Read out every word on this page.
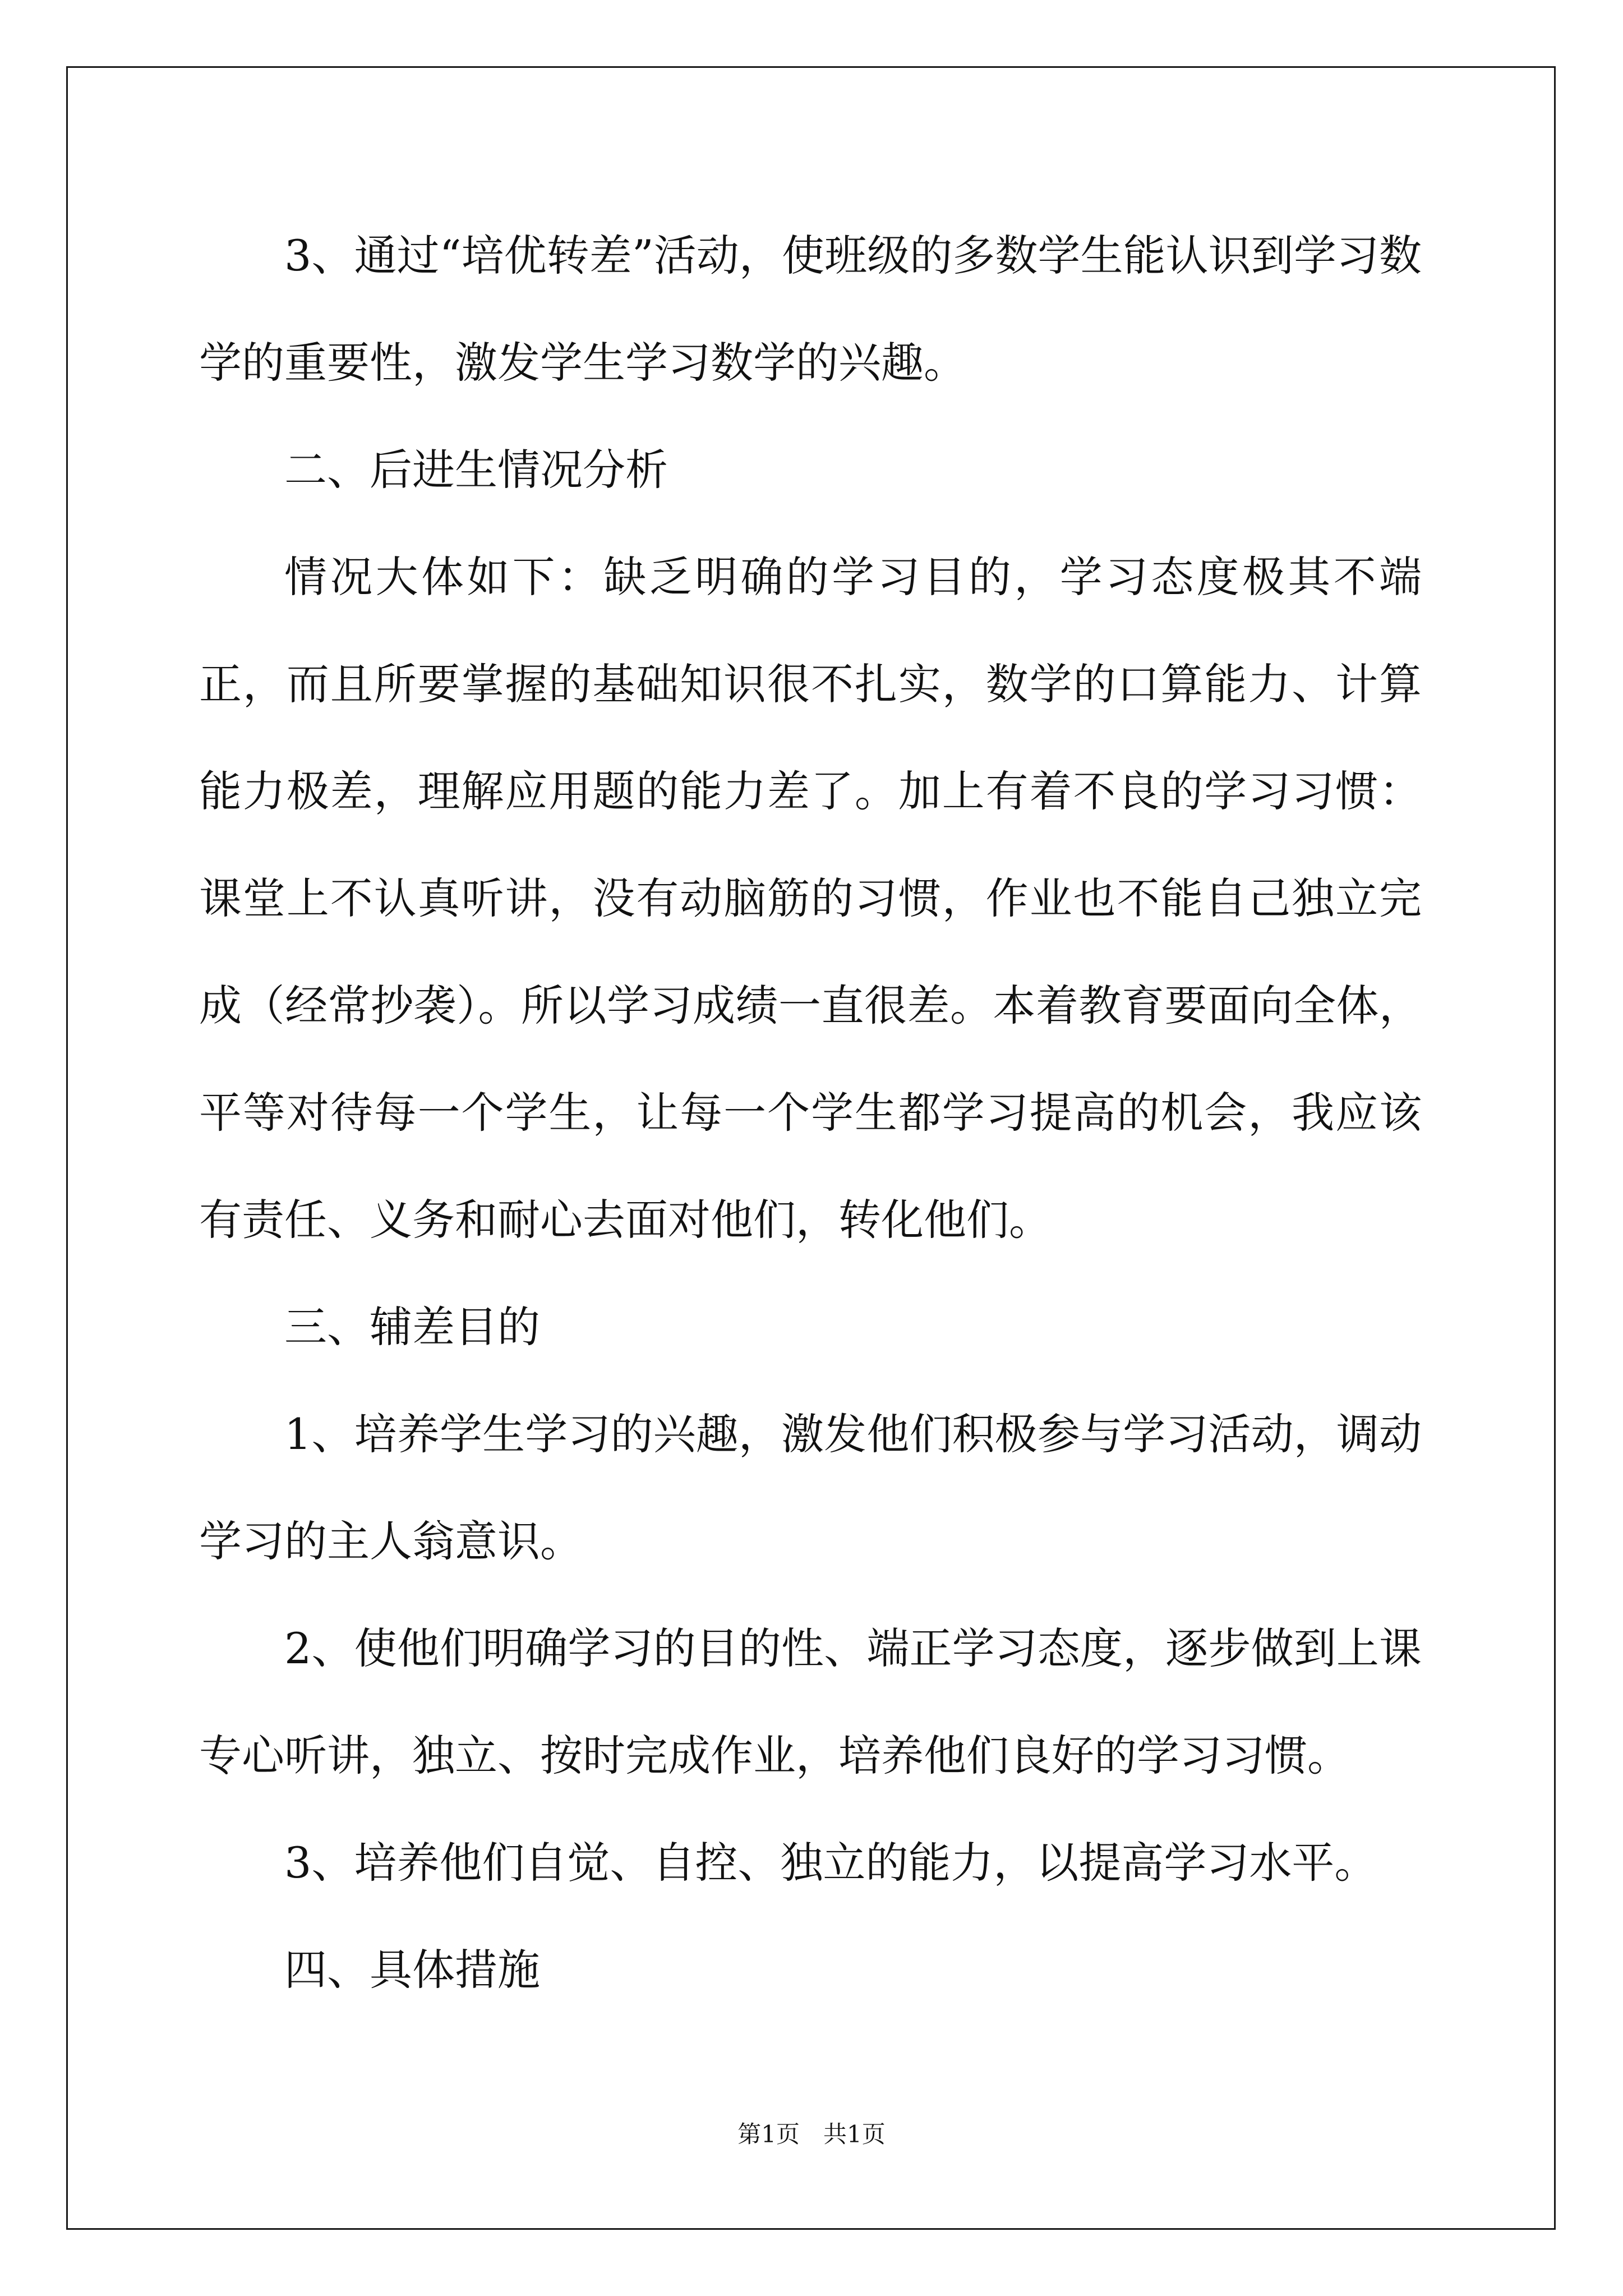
3、通过“培优转差”活动，使班级的多数学生能认识到学习数学的重要性，激发学生学习数学的兴趣。

二、后进生情况分析

情况大体如下：缺乏明确的学习目的，学习态度极其不端正，而且所要掌握的基础知识很不扎实，数学的口算能力、计算能力极差，理解应用题的能力差了。加上有着不良的学习习惯：课堂上不认真听讲，没有动脑筋的习惯，作业也不能自己独立完成（经常抄袭）。所以学习成绩一直很差。本着教育要面向全体，平等对待每一个学生，让每一个学生都学习提高的机会，我应该有责任、义务和耐心去面对他们，转化他们。

三、辅差目的

1、培养学生学习的兴趣，激发他们积极参与学习活动，调动学习的主人翁意识。

2、使他们明确学习的目的性、端正学习态度，逐步做到上课专心听讲，独立、按时完成作业，培养他们良好的学习习惯。

3、培养他们自觉、自控、独立的能力，以提高学习水平。

四、具体措施

第1页　共1页
